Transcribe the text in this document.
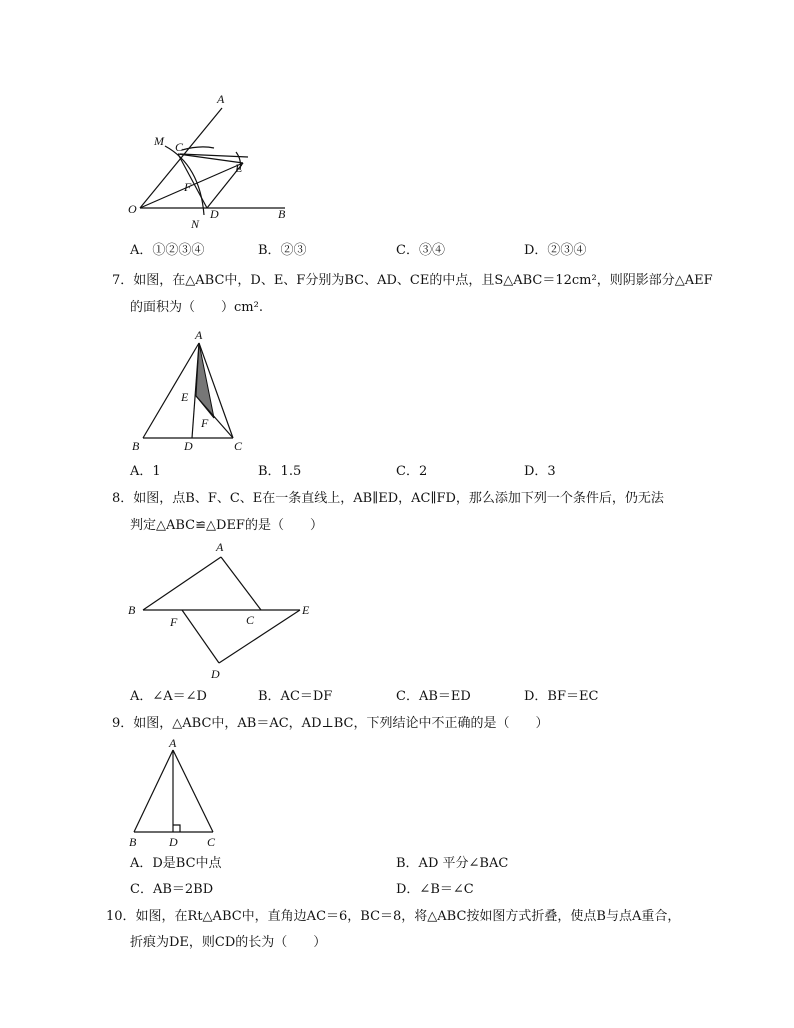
A
M C
E
F
O
N
D	B
A．①②③④	B．②③	C．③④	D．②③④
7．如图，在△ABC中，D、E、F分别为BC、AD、CE的中点，且S△ABC＝12cm²，则阴影部分△AEF
的面积为（　　）cm².
A
E
F
B	D	C
A．1	B．1.5	C．2	D．3
8．如图，点B、F、C、E在一条直线上，AB∥ED，AC∥FD，那么添加下列一个条件后，仍无法
判定△ABC≌△DEF的是（　　）
A
B
F	C
E
D
A．∠A＝∠D	B．AC＝DF	C．AB＝ED	D．BF＝EC
9．如图，△ABC中，AB＝AC，AD⊥BC，下列结论中不正确的是（　　）
A
B	D C
A．D是BC中点	B．AD 平分∠BAC
C．AB＝2BD	D．∠B＝∠C
10．如图，在Rt△ABC中，直角边AC＝6，BC＝8，将△ABC按如图方式折叠，使点B与点A重合，
折痕为DE，则CD的长为（　　）
